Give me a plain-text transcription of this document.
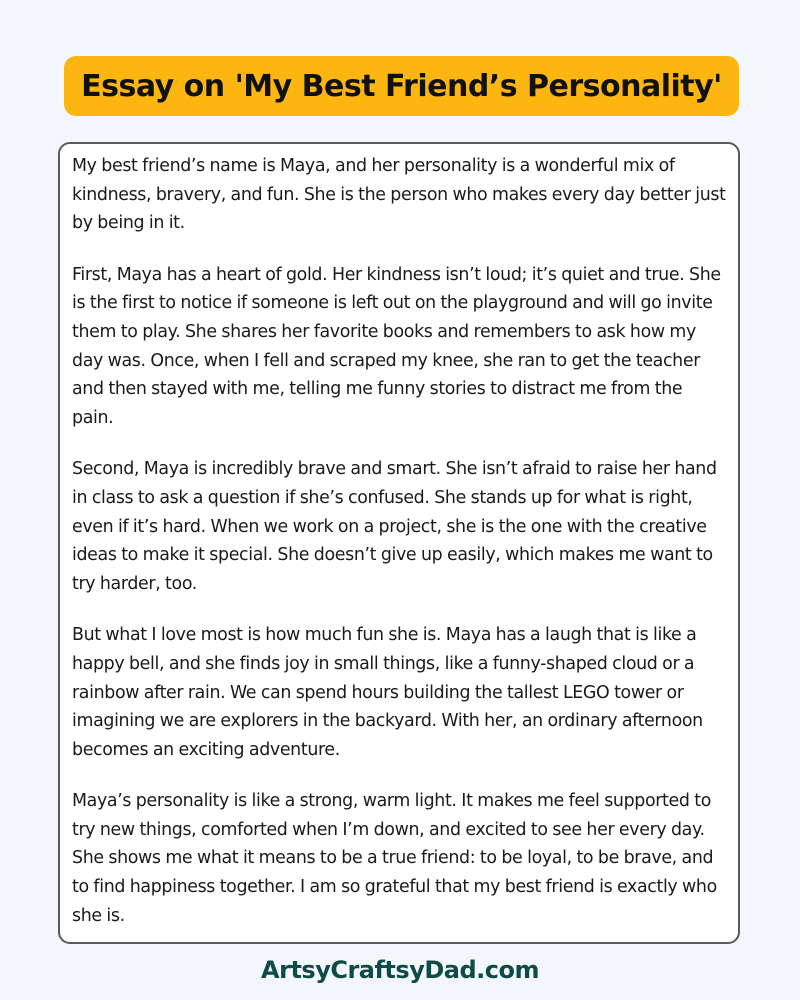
Essay on 'My Best Friend’s Personality'

My best friend’s name is Maya, and her personality is a wonderful mix of kindness, bravery, and fun. She is the person who makes every day better just by being in it.

First, Maya has a heart of gold. Her kindness isn’t loud; it’s quiet and true. She is the first to notice if someone is left out on the playground and will go invite them to play. She shares her favorite books and remembers to ask how my day was. Once, when I fell and scraped my knee, she ran to get the teacher and then stayed with me, telling me funny stories to distract me from the pain.

Second, Maya is incredibly brave and smart. She isn’t afraid to raise her hand in class to ask a question if she’s confused. She stands up for what is right, even if it’s hard. When we work on a project, she is the one with the creative ideas to make it special. She doesn’t give up easily, which makes me want to try harder, too.

But what I love most is how much fun she is. Maya has a laugh that is like a happy bell, and she finds joy in small things, like a funny-shaped cloud or a rainbow after rain. We can spend hours building the tallest LEGO tower or imagining we are explorers in the backyard. With her, an ordinary afternoon becomes an exciting adventure.

Maya’s personality is like a strong, warm light. It makes me feel supported to try new things, comforted when I’m down, and excited to see her every day. She shows me what it means to be a true friend: to be loyal, to be brave, and to find happiness together. I am so grateful that my best friend is exactly who she is.

ArtsyCraftsyDad.com
